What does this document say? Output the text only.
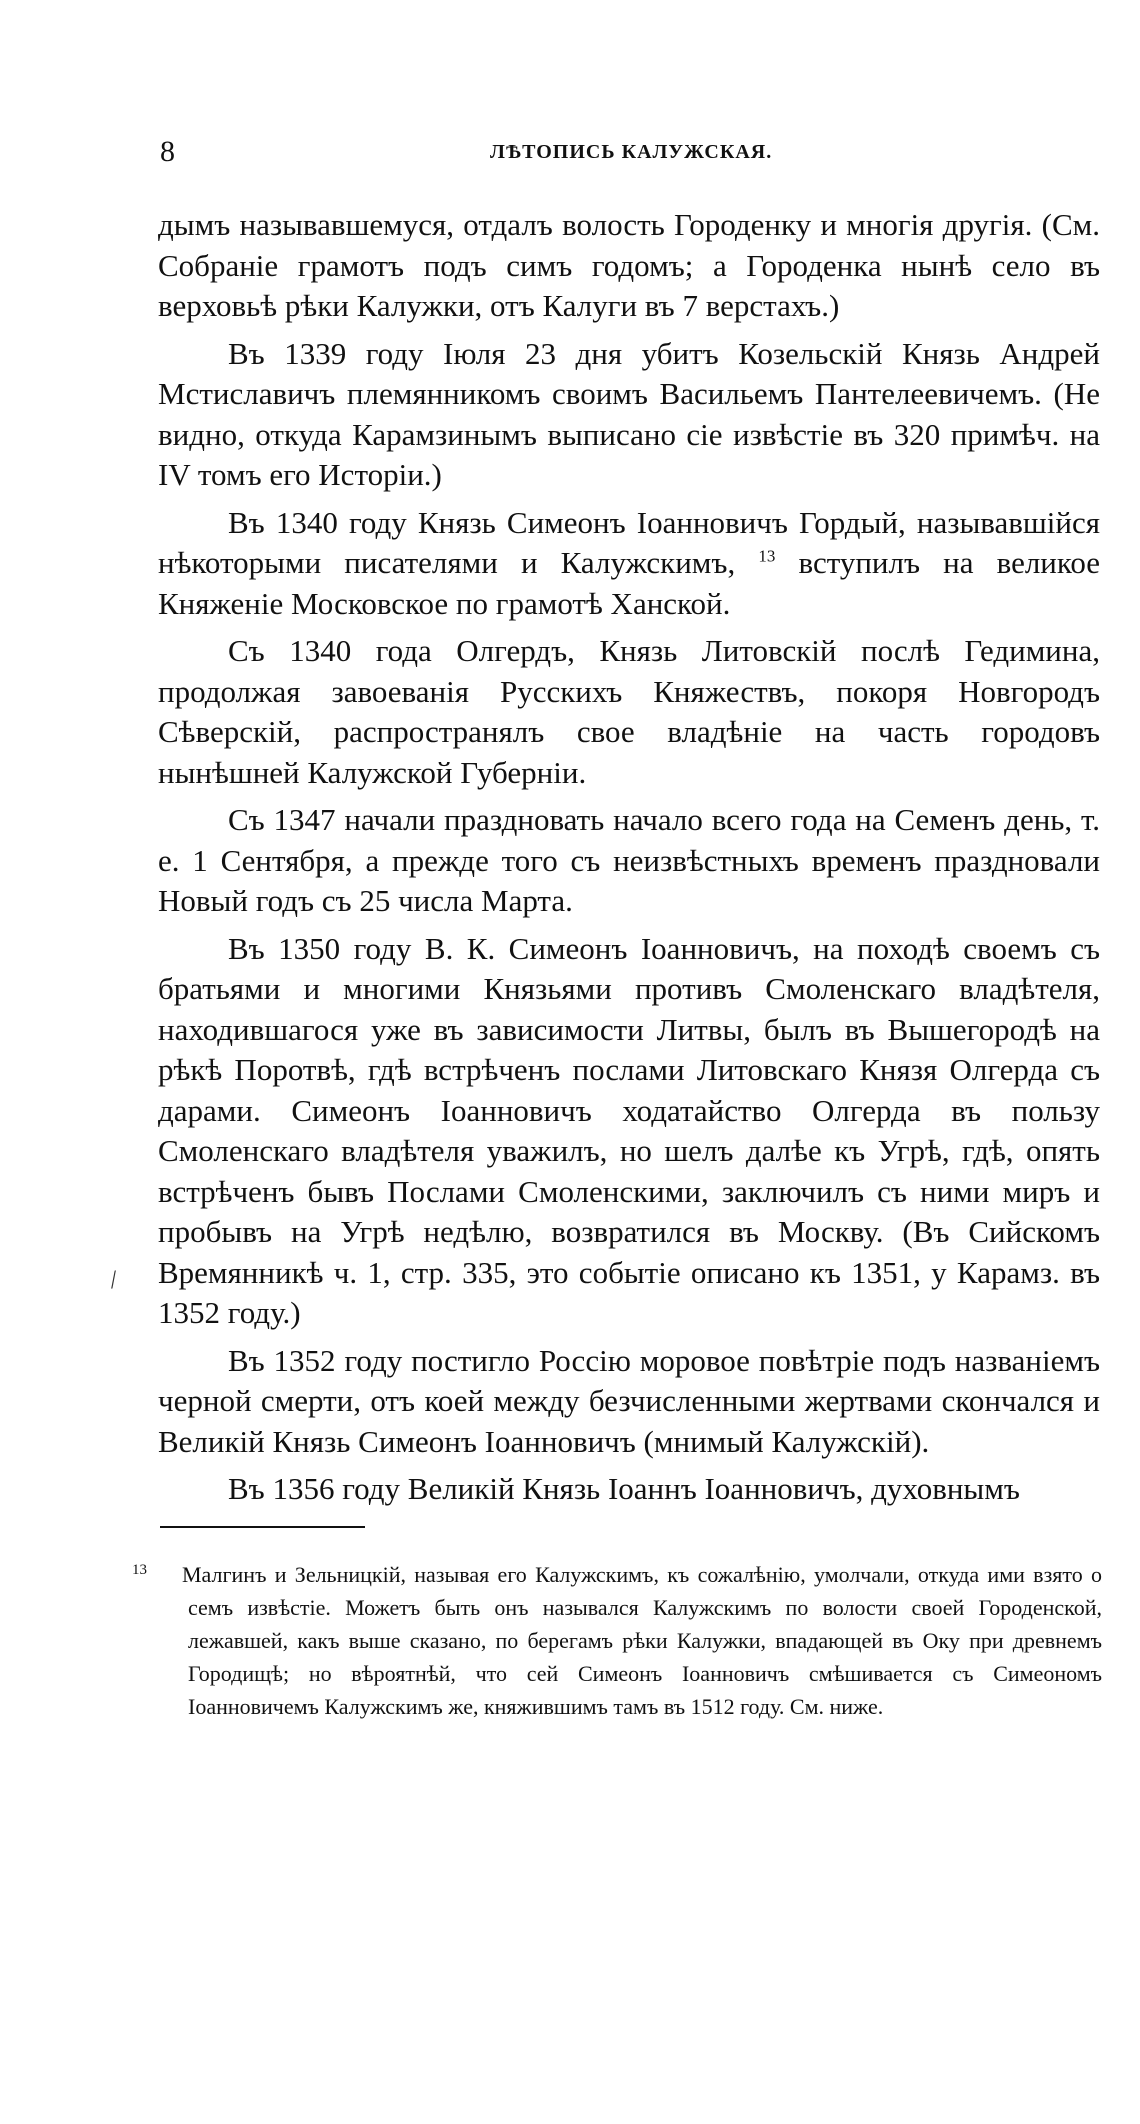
8	ЛѢТОПИСЬ КАЛУЖСКАЯ.

дымъ называвшемуся, отдалъ волость Городенку и многія другія. (См. Собраніе грамотъ подъ симъ годомъ; а Городенка нынѣ село въ верховьѣ рѣки Калужки, отъ Калуги въ 7 верстахъ.)

Въ 1339 году Іюля 23 дня убитъ Козельскій Князь Андрей Мстиславичъ племянникомъ своимъ Васильемъ Пантелеевичемъ. (Не видно, откуда Карамзинымъ выписано сіе извѣстіе въ 320 примѣч. на IV томъ его Исторіи.)

Въ 1340 году Князь Симеонъ Іоанновичъ Гордый, называвшійся нѣкоторыми писателями и Калужскимъ, $^{13}$ вступилъ на великое Княженіе Московское по грамотѣ Ханской.

Съ 1340 года Олгердъ, Князь Литовскій послѣ Гедимина, продолжая завоеванія Русскихъ Княжествъ, покоря Новгородъ Сѣверскій, распространялъ свое владѣніе на часть городовъ нынѣшней Калужской Губерніи.

Съ 1347 начали праздновать начало всего года на Семенъ день, т. е. 1 Сентября, а прежде того съ неизвѣстныхъ временъ праздновали Новый годъ съ 25 числа Марта.

Въ 1350 году В. К. Симеонъ Іоанновичъ, на походѣ своемъ съ братьями и многими Князьями противъ Смоленскаго владѣтеля, находившагося уже въ зависимости Литвы, былъ въ Вышегородѣ на рѣкѣ Поротвѣ, гдѣ встрѣченъ послами Литовскаго Князя Олгерда съ дарами. Симеонъ Іоанновичъ ходатайство Олгерда въ пользу Смоленскаго владѣтеля уважилъ, но шелъ далѣе къ Угрѣ, гдѣ, опять встрѣченъ бывъ Послами Смоленскими, заключилъ съ ними миръ и пробывъ на Угрѣ недѣлю, возвратился въ Москву. (Въ Сийскомъ Времянникѣ ч. 1, стр. 335, это событіе описано къ 1351, у Карамз. въ 1352 году.)

Въ 1352 году постигло Россію моровое повѣтріе подъ названіемъ черной смерти, отъ коей между безчисленными жертвами скончался и Великій Князь Симеонъ Іоанновичъ (мнимый Калужскій).

Въ 1356 году Великій Князь Іоаннъ Іоанновичъ, духовнымъ

/

13 Малгинъ и Зельницкій, называя его Калужскимъ, къ сожалѣнію, умолчали, откуда ими взято о семъ извѣстіе. Можетъ быть онъ назывался Калужскимъ по волости своей Городенской, лежавшей, какъ выше сказано, по берегамъ рѣки Калужки, впадающей въ Оку при древнемъ Городищѣ; но вѣроятнѣй, что сей Симеонъ Іоанновичъ смѣшивается съ Симеономъ Іоанновичемъ Калужскимъ же, княжившимъ тамъ въ 1512 году. См. ниже.
